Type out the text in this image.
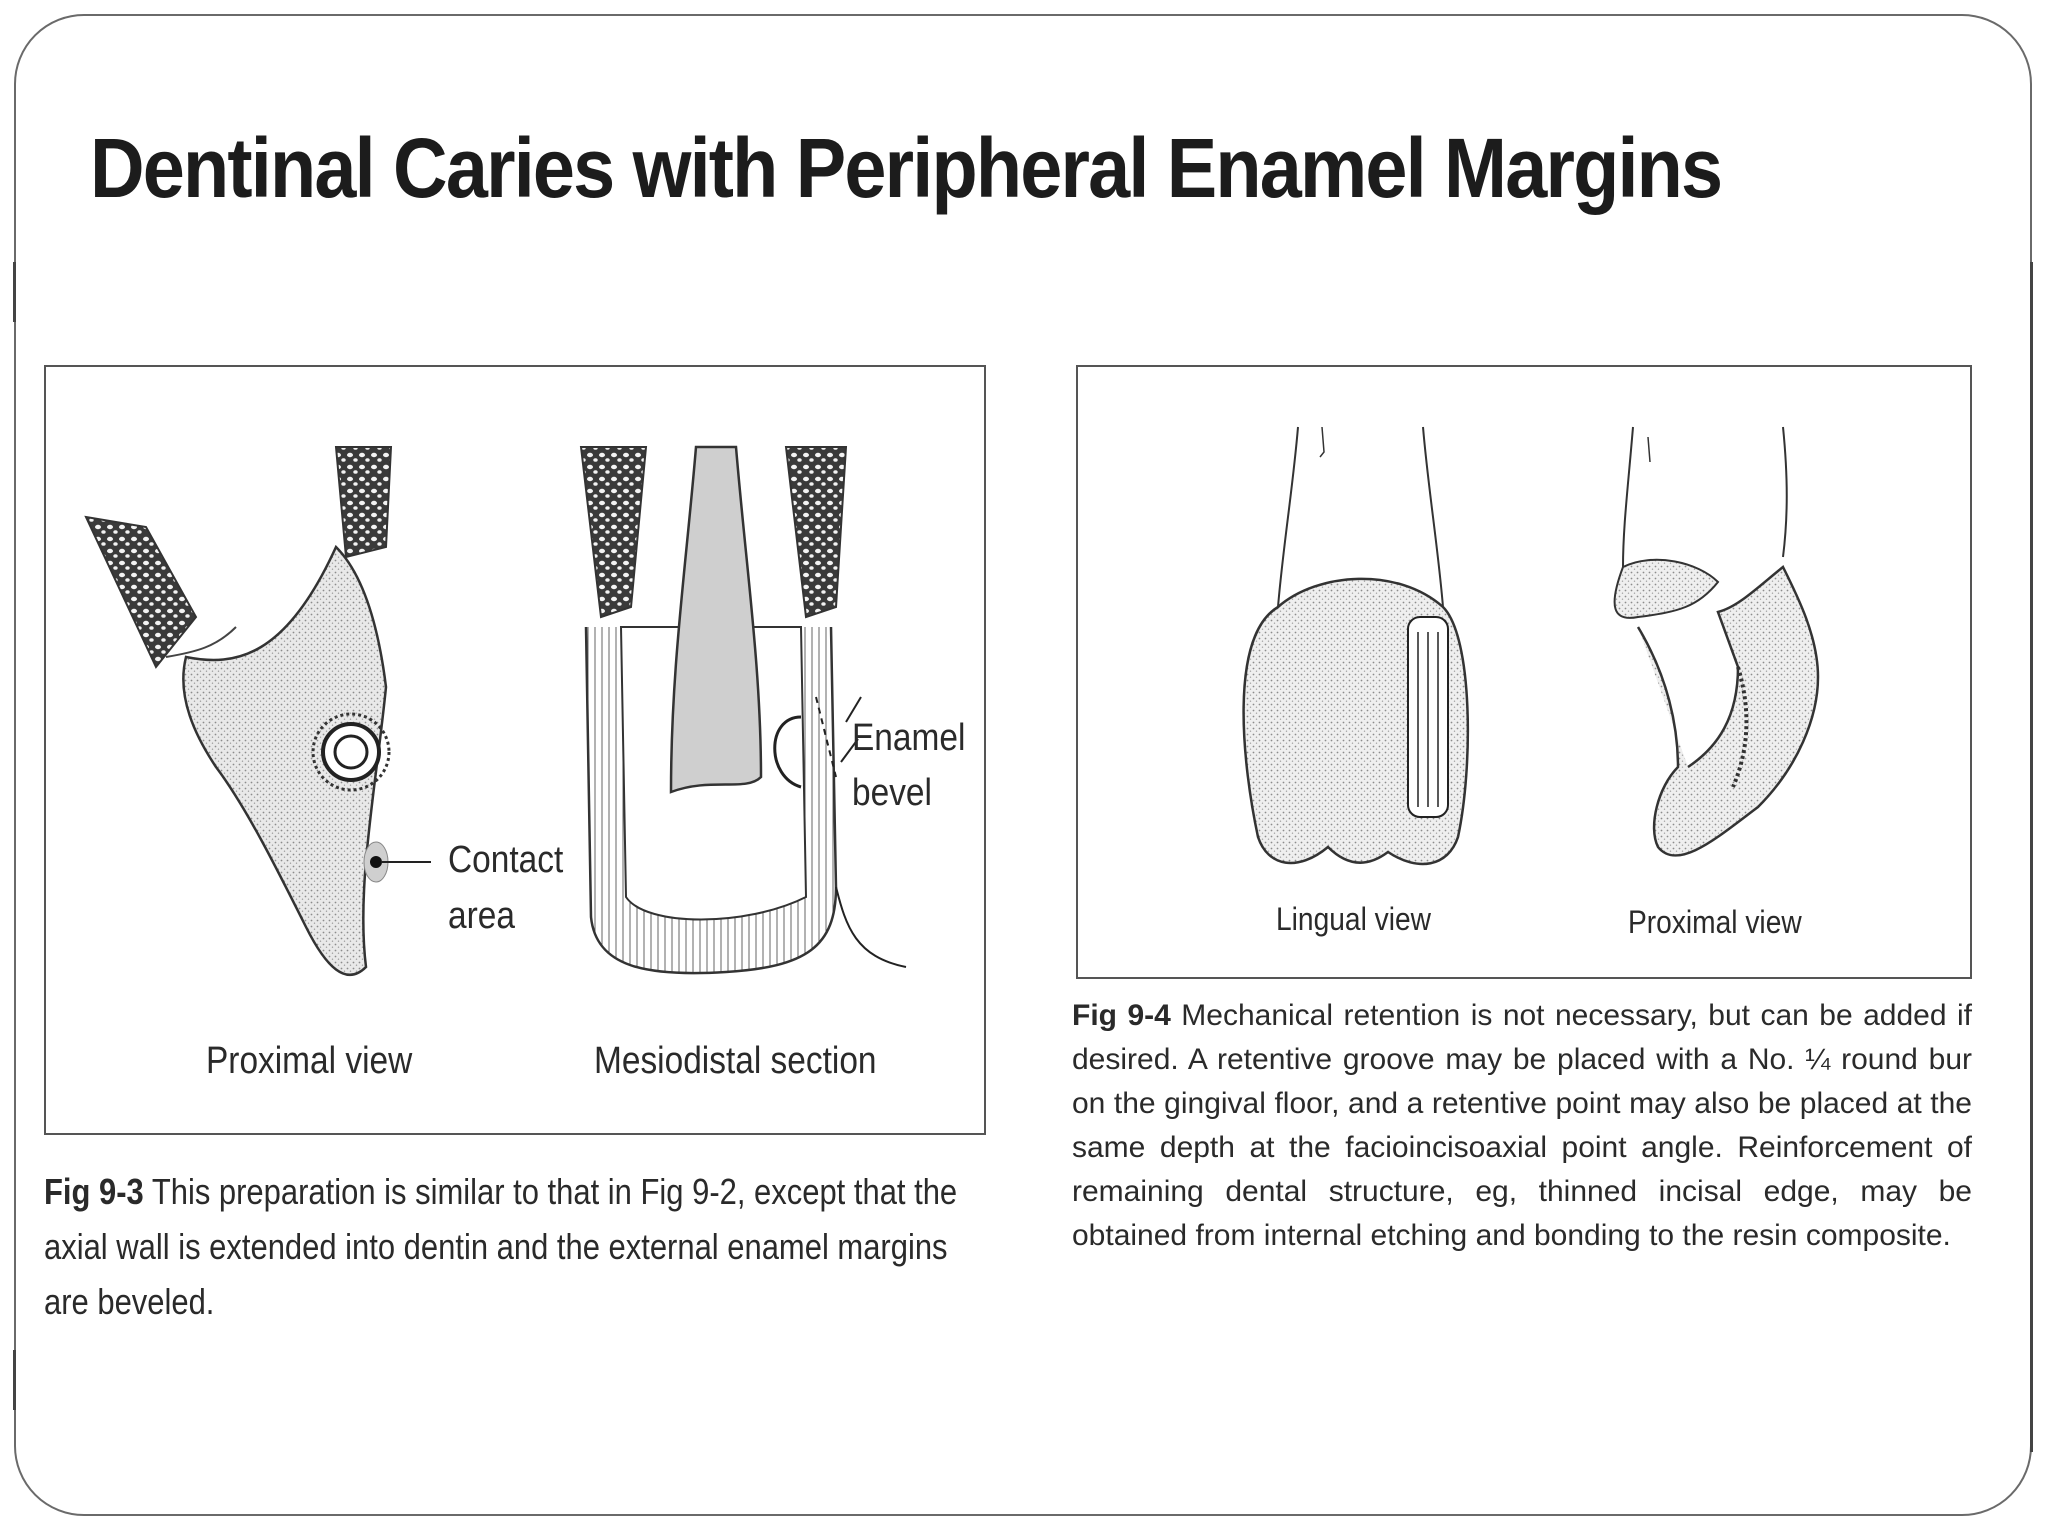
Dentinal Caries with Peripheral Enamel Margins
Contact
area
Enamel
bevel
Proximal view	Mesiodistal section
Fig 9-3 This preparation is similar to that in Fig 9-2, except that the axial wall is extended into dentin and the external enamel margins are beveled.
Lingual view	Proximal view
Fig 9-4 Mechanical retention is not necessary, but can be added if desired. A retentive groove may be placed with a No. ¼ round bur on the gingival floor, and a retentive point may also be placed at the same depth at the facioincisoaxial point angle. Reinforcement of remaining dental structure, eg, thinned incisal edge, may be obtained from internal etching and bonding to the resin composite.
